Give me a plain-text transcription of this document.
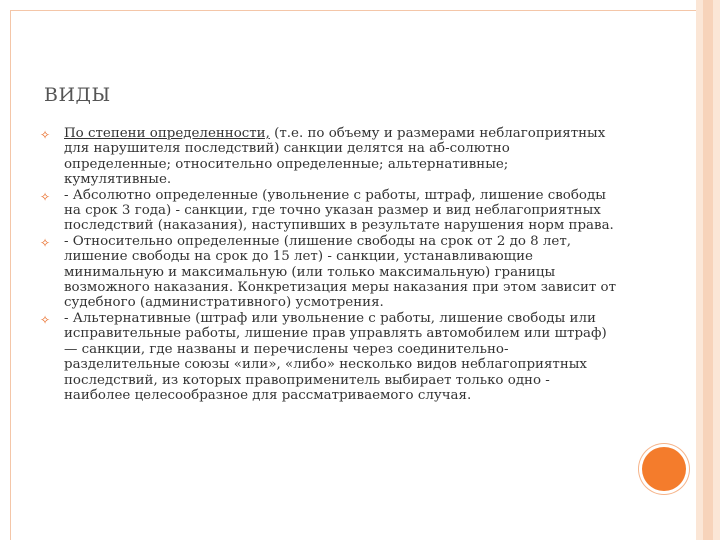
ВИДЫ
✧ По степени определенности, (т.е. по объему и размерами неблагоприятных для нарушителя последствий) санкции делятся на аб-солютно определенные; относительно определенные; альтернативные; кумулятивные.
✧ - Абсолютно определенные (увольнение с работы, штраф, лишение свободы на срок 3 года) - санкции, где точно указан размер и вид неблагоприятных последствий (наказания), наступивших в результате нарушения норм права.
✧ - Относительно определенные (лишение свободы на срок от 2 до 8 лет, лишение свободы на срок до 15 лет) - санкции, устанавливающие минимальную и максимальную (или только максимальную) границы возможного наказания. Конкретизация меры наказания при этом зависит от судебного (административного) усмотрения.
✧ - Альтернативные (штраф или увольнение с работы, лишение свободы или исправительные работы, лишение прав управлять автомобилем или штраф) — санкции, где названы и перечислены через соединительно-разделительные союзы «или», «либо» несколько видов неблагоприятных последствий, из которых правоприменитель выбирает только одно - наиболее целесообразное для рассматриваемого случая.
